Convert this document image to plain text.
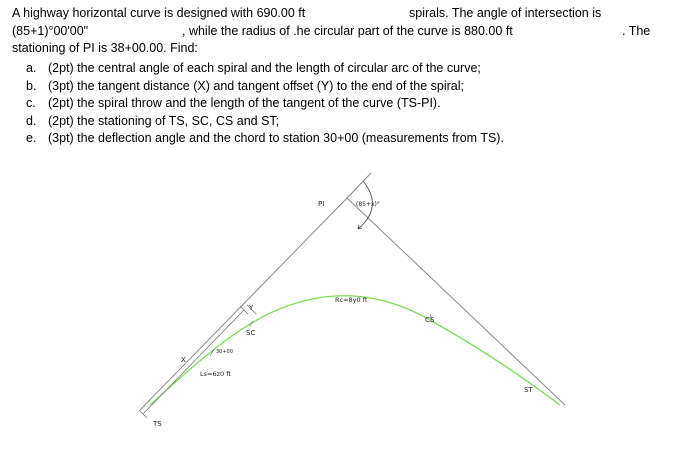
A highway horizontal curve is designed with 690.00 ft	spirals. The angle of intersection is
(85+1)°00'00"	, while the radius of .he circular part of the curve is 880.00 ft	. The
stationing of PI is 38+00.00. Find:
a. (2pt) the central angle of each spiral and the length of circular arc of the curve;
b. (3pt) the tangent distance (X) and tangent offset (Y) to the end of the spiral;
c. (2pt) the spiral throw and the length of the tangent of the curve (TS-PI).
d. (2pt) the stationing of TS, SC, CS and ST;
e. (3pt) the deflection angle and the chord to station 30+00 (measurements from TS).
PI	(85+x)°
Rc=8y0 ft
TS
SC
CS
ST
X
Y
30+00
Ls=6z0 ft
